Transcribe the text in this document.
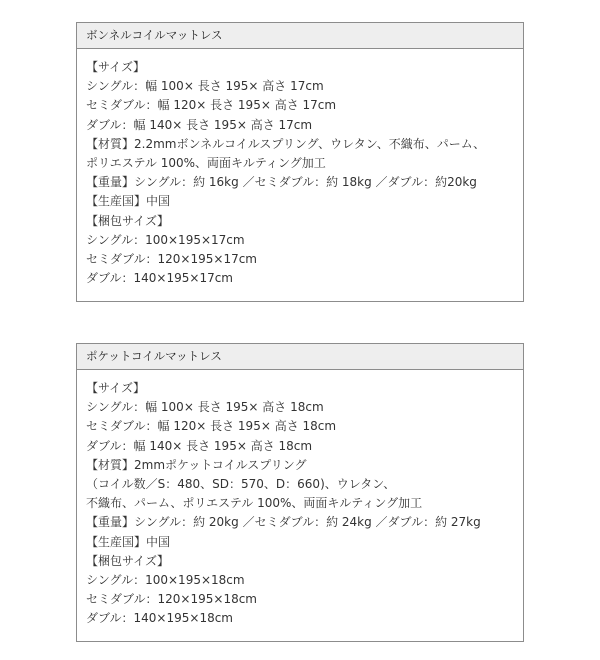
ボンネルコイルマットレス
【サイズ】
シングル：幅 100× 長さ 195× 高さ 17cm
セミダブル：幅 120× 長さ 195× 高さ 17cm
ダブル：幅 140× 長さ 195× 高さ 17cm
【材質】2.2mmボンネルコイルスプリング、ウレタン、不織布、パーム、
ポリエステル 100%、両面キルティング加工
【重量】シングル：約 16kg ／セミダブル：約 18kg ／ダブル：約20kg
【生産国】中国
【梱包サイズ】
シングル：100×195×17cm
セミダブル：120×195×17cm
ダブル：140×195×17cm
ポケットコイルマットレス
【サイズ】
シングル：幅 100× 長さ 195× 高さ 18cm
セミダブル：幅 120× 長さ 195× 高さ 18cm
ダブル：幅 140× 長さ 195× 高さ 18cm
【材質】2mmポケットコイルスプリング
（コイル数／S：480、SD：570、D：660)、ウレタン、
不織布、パーム、ポリエステル 100%、両面キルティング加工
【重量】シングル：約 20kg ／セミダブル：約 24kg ／ダブル：約 27kg
【生産国】中国
【梱包サイズ】
シングル：100×195×18cm
セミダブル：120×195×18cm
ダブル：140×195×18cm
